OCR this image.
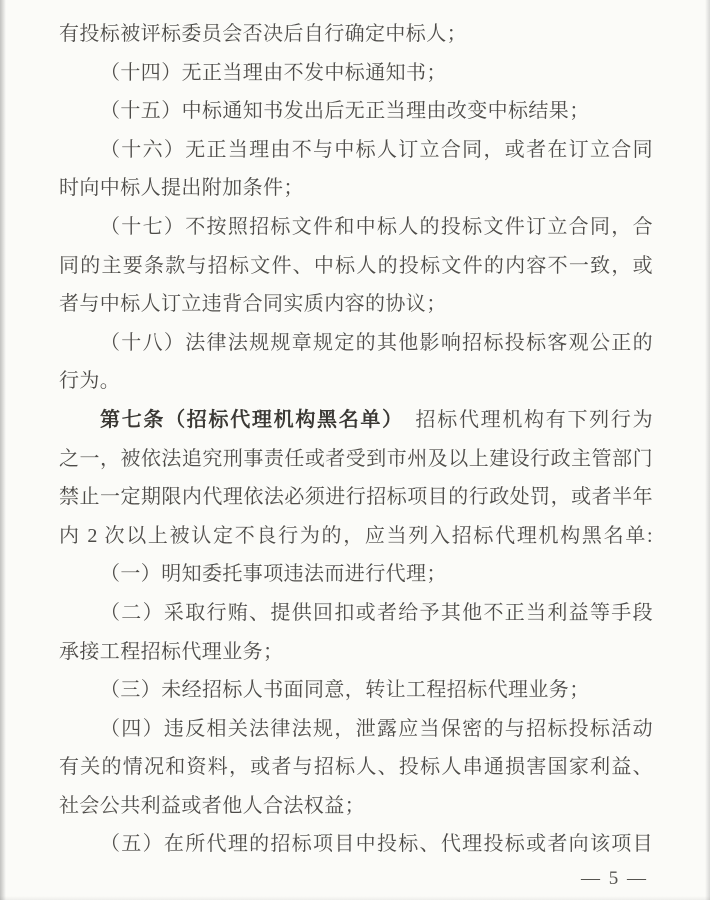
有投标被评标委员会否决后自行确定中标人；
（十四）无正当理由不发中标通知书；
（十五）中标通知书发出后无正当理由改变中标结果；
（十六）无正当理由不与中标人订立合同，或者在订立合同
时向中标人提出附加条件；
（十七）不按照招标文件和中标人的投标文件订立合同，合
同的主要条款与招标文件、中标人的投标文件的内容不一致，或
者与中标人订立违背合同实质内容的协议；
（十八）法律法规规章规定的其他影响招标投标客观公正的
行为。
第七条（招标代理机构黑名单）　招标代理机构有下列行为
之一，被依法追究刑事责任或者受到市州及以上建设行政主管部门
禁止一定期限内代理依法必须进行招标项目的行政处罚，或者半年
内 2 次以上被认定不良行为的，应当列入招标代理机构黑名单:
（一）明知委托事项违法而进行代理；
（二）采取行贿、提供回扣或者给予其他不正当利益等手段
承接工程招标代理业务；
（三）未经招标人书面同意，转让工程招标代理业务；
（四）违反相关法律法规，泄露应当保密的与招标投标活动
有关的情况和资料，或者与招标人、投标人串通损害国家利益、
社会公共利益或者他人合法权益；
（五）在所代理的招标项目中投标、代理投标或者向该项目
— 5 —
